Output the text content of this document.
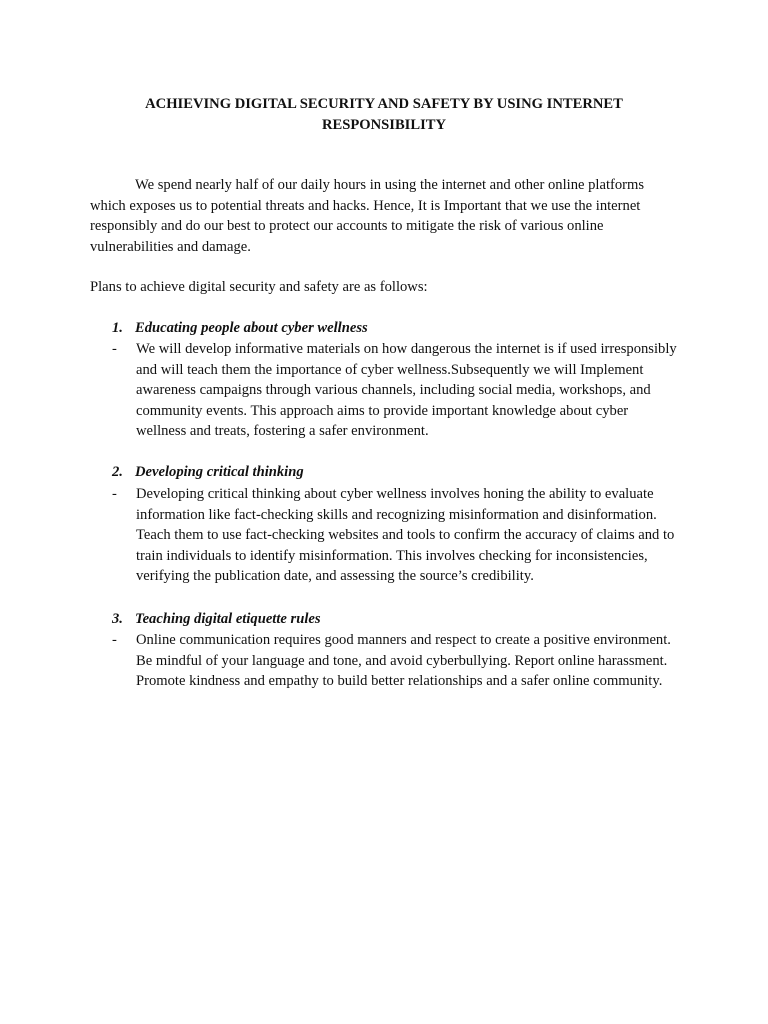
ACHIEVING DIGITAL SECURITY AND SAFETY BY USING INTERNET RESPONSIBILITY
We spend nearly half of our daily hours in using the internet and other online platforms which exposes us to potential threats and hacks. Hence, It is Important that we use the internet responsibly and do our best to protect our accounts to mitigate the risk of various online vulnerabilities and damage.
Plans to achieve digital security and safety are as follows:
1. Educating people about cyber wellness
-	We will develop informative materials on how dangerous the internet is if used irresponsibly and will teach them the importance of cyber wellness.Subsequently we will Implement awareness campaigns through various channels, including social media, workshops, and community events. This approach aims to provide important knowledge about cyber wellness and treats, fostering a safer environment.
2. Developing critical thinking
-	Developing critical thinking about cyber wellness involves honing the ability to evaluate information like fact-checking skills and recognizing misinformation and disinformation. Teach them to use fact-checking websites and tools to confirm the accuracy of claims and to train individuals to identify misinformation. This involves checking for inconsistencies, verifying the publication date, and assessing the source’s credibility.
3. Teaching digital etiquette rules
-	Online communication requires good manners and respect to create a positive environment. Be mindful of your language and tone, and avoid cyberbullying. Report online harassment. Promote kindness and empathy to build better relationships and a safer online community.
